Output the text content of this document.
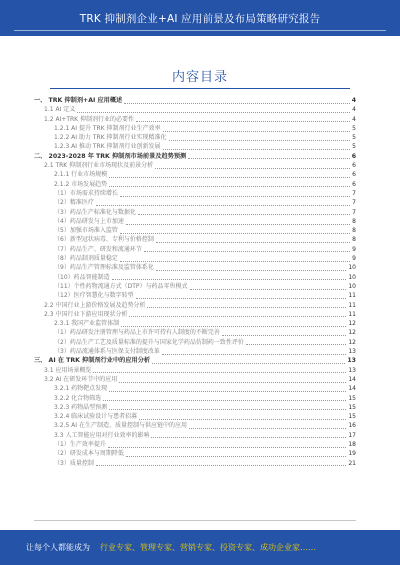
TRK 抑制剂企业+AI 应用前景及布局策略研究报告
内容目录
一、 TRK 抑制剂+AI 应用概述	4
1.1 AI 定义	4
1.2 AI+TRK 抑制剂行业的必要性	4
1.2.1 AI 提升 TRK 抑制剂行业生产效率	5
1.2.2 AI 助力 TRK 抑制剂行业实现精准化	5
1.2.3 AI 推动 TRK 抑制剂行业创新发展	5
二、 2023-2028 年 TRK 抑制剂市场前景及趋势预测	6
2.1 TRK 抑制剂行业市场现状及前景分析	6
2.1.1 行业市场规模	6
2.1.2 市场发展趋势	6
（1）市场需求持续增长	7
（2）精准医疗	7
（3）药品生产标准化与数据化	7
（4）药品研发与上市加速	8
（5）加强市场准入监管	8
（6）新型冠状病毒、专利与价格控制	8
（7）药品生产、研发和流通环节	9
（8）药品制剂质量稳定	9
（9）药品生产管理标准及监管体系化	10
（10）药品智能制造	10
（11）个性药物流通方式（DTP）与药品零售模式	10
（12）医疗智慧化与数字转型	11
2.2 中国行业上游价格发展及趋势分析	11
2.3 中国行业下游应用现状分析	11
2.3.1 我国产业监管体制	12
（1）药品研发注册管理与药品上市许可持有人制度的不断完善	12
（2）药品生产工艺及质量标准的提升与国家化学药品仿制药一致性评价	12
（3）药品流通体系与医保支付制度改革	13
三、 AI 在 TRK 抑制剂行业中的应用分析	13
3.1 应用场景概览	13
3.2 AI 在研发环节中的应用	14
3.2.1 药物靶点发现	14
3.2.2 化合物筛选	15
3.2.3 药物晶型预测	15
3.2.4 临床试验设计与患者招募	15
3.2.5 AI 在生产制造、质量控制与供应链中的应用	16
3.3 人工智能应用对行业效率的影响	17
（1）生产效率提升	18
（2）研发成本与周期降低	19
（3）质量控制	21
让每个人都能成为	行业专家、管理专家、营销专家、投资专家、成功企业家……
